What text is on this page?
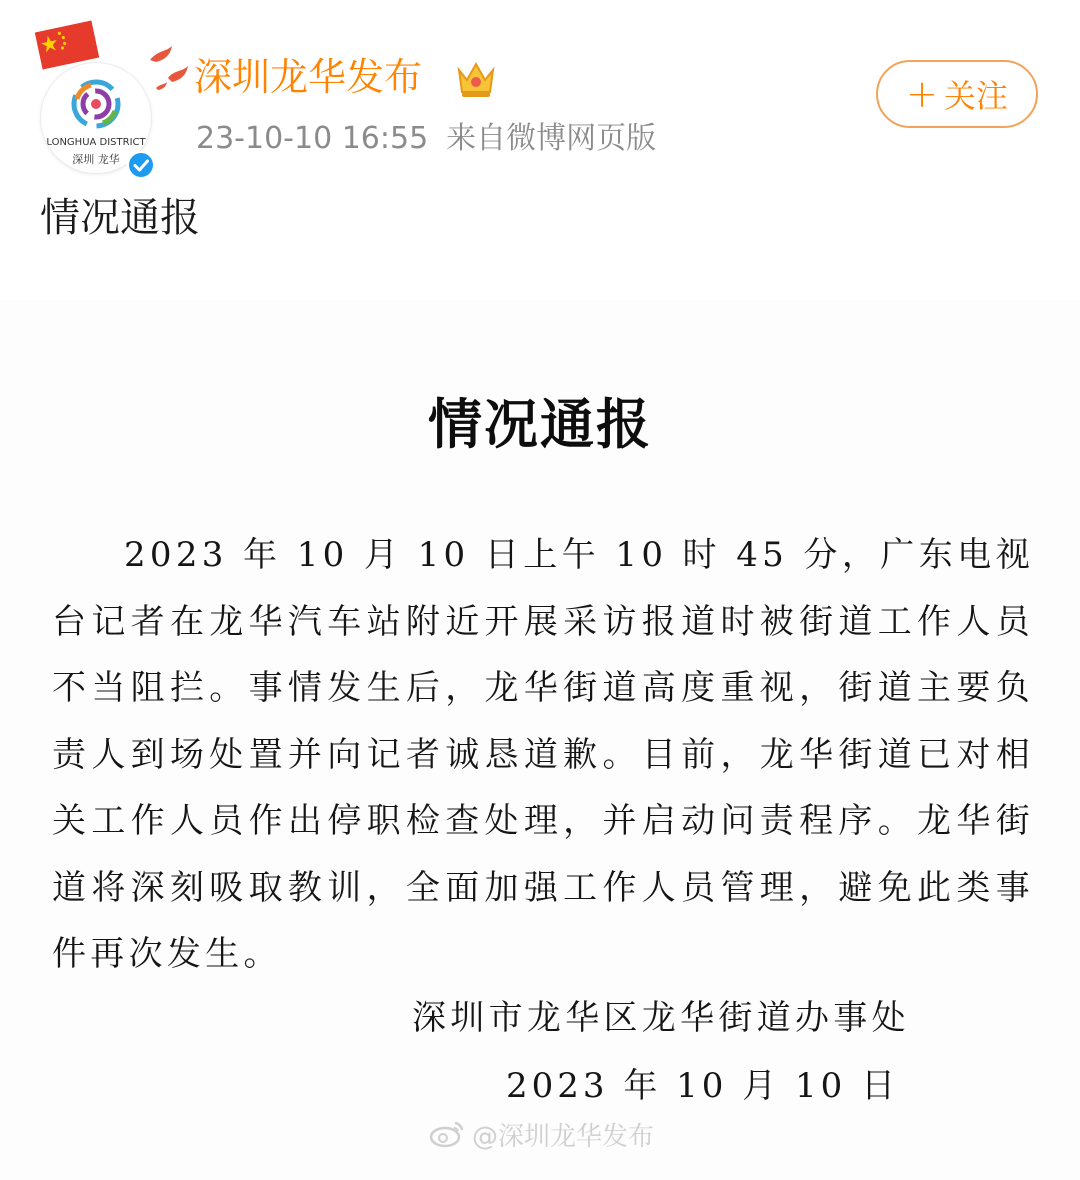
LONGHUA DISTRICT
深圳 龙华
深圳龙华发布
23-10-10 16:55 来自微博网页版
+ 关注
情况通报
情况通报

2023 年 10 月 10 日上午 10 时 45 分，广东电视台记者在龙华汽车站附近开展采访报道时被街道工作人员不当阻拦。事情发生后，龙华街道高度重视，街道主要负责人到场处置并向记者诚恳道歉。目前，龙华街道已对相关工作人员作出停职检查处理，并启动问责程序。龙华街道将深刻吸取教训，全面加强工作人员管理，避免此类事件再次发生。

深圳市龙华区龙华街道办事处
2023 年 10 月 10 日
@深圳龙华发布
